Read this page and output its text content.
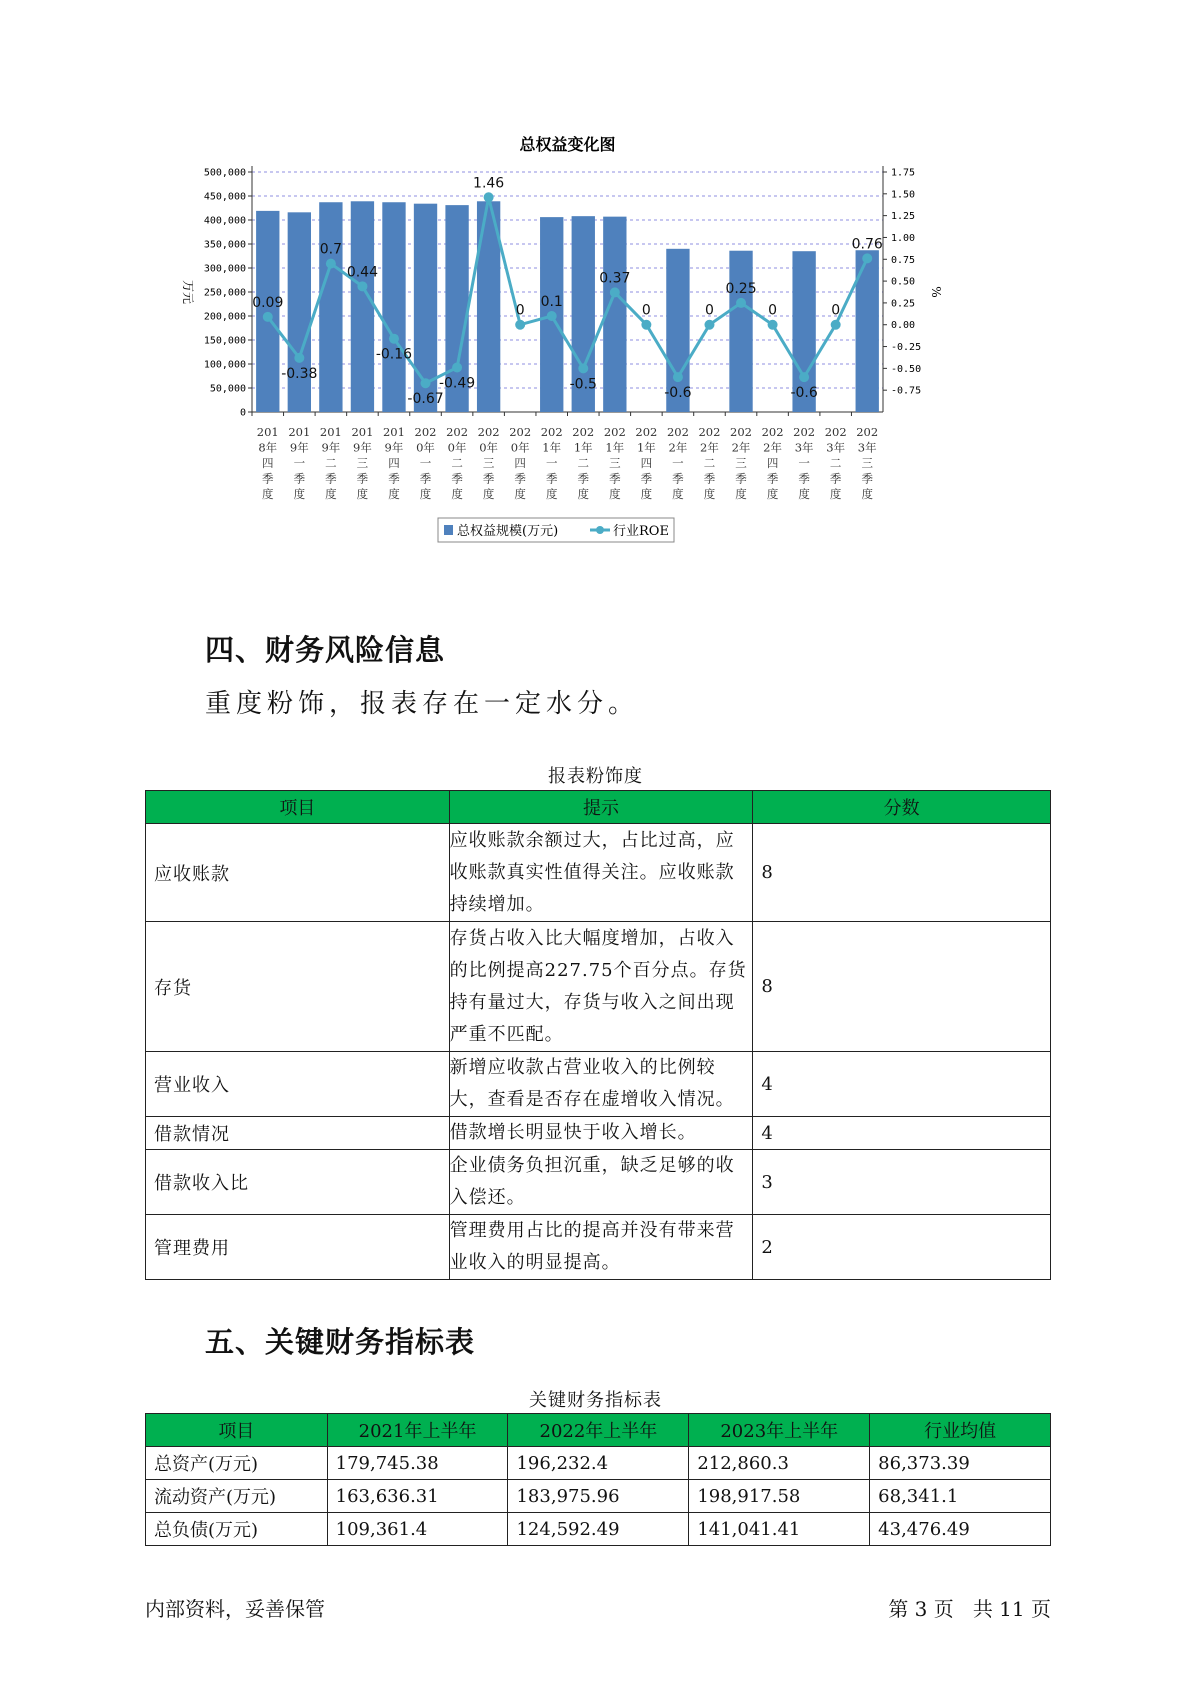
总权益变化图
0
50,000
100,000
150,000
200,000
250,000
300,000
350,000
400,000
450,000
500,000	1.75
1.50
1.25
1.00
0.75
0.50
0.25
0.00
-0.25
-0.50
-0.75
万元	%
201 8年四季度
201 9年一季度
201 9年二季度
201 9年三季度
201 9年四季度
202 0年一季度
202 0年二季度
202 0年三季度
202 0年四季度
202 1年一季度
202 1年二季度
202 1年三季度
202 1年四季度
202 2年一季度
202 2年二季度
202 2年三季度
202 2年四季度
202 3年一季度
202 3年二季度
202 3年三季度
0.09
-0.38
0.7
0.44
-0.16
-0.67
-0.49
1.46
0
0.1
-0.5
0.37
0
-0.6
0
0.25
0
-0.6
0
0.76
总权益规模(万元)	行业ROE
四、财务风险信息
重度粉饰，报表存在一定水分。
报表粉饰度
项目	提示	分数
应收账款	应收账款余额过大，占比过高，应收账款真实性值得关注。应收账款持续增加。	8
存货	存货占收入比大幅度增加，占收入的比例提高227.75个百分点。存货持有量过大，存货与收入之间出现严重不匹配。	8
营业收入	新增应收款占营业收入的比例较大，查看是否存在虚增收入情况。	4
借款情况	借款增长明显快于收入增长。	4
借款收入比	企业债务负担沉重，缺乏足够的收入偿还。	3
管理费用	管理费用占比的提高并没有带来营业收入的明显提高。	2
五、关键财务指标表
关键财务指标表
项目	2021年上半年	2022年上半年	2023年上半年	行业均值
总资产(万元)	179,745.38	196,232.4	212,860.3	86,373.39
流动资产(万元)	163,636.31	183,975.96	198,917.58	68,341.1
总负债(万元)	109,361.4	124,592.49	141,041.41	43,476.49
内部资料，妥善保管	第 3 页   共 11 页
